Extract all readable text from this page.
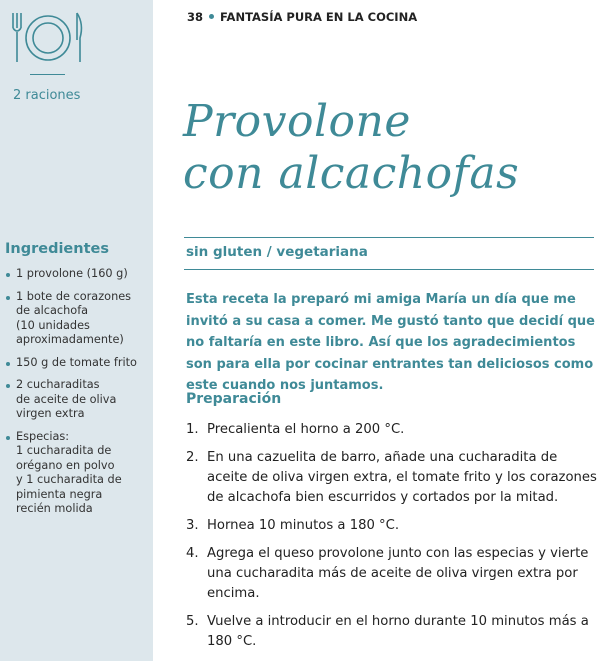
2 raciones
Ingredientes
1 provolone (160 g)
1 bote de corazones
de alcachofa
(10 unidades
aproximadamente)
150 g de tomate frito
2 cucharaditas
de aceite de oliva
virgen extra
Especias:
1 cucharadita de
orégano en polvo
y 1 cucharadita de
pimienta negra
recién molida
38 FANTASÍA PURA EN LA COCINA
Provolone
con alcachofas
sin gluten / vegetariana
Esta receta la preparó mi amiga María un día que me invitó a su casa a comer. Me gustó tanto que decidí que no faltaría en este libro. Así que los agradecimientos son para ella por cocinar entrantes tan deliciosos como este cuando nos juntamos.
Preparación
1. Precalienta el horno a 200 °C.
2. En una cazuelita de barro, añade una cucharadita de aceite de oliva virgen extra, el tomate frito y los corazones de alcachofa bien escurridos y cortados por la mitad.
3. Hornea 10 minutos a 180 °C.
4. Agrega el queso provolone junto con las especias y vierte una cucharadita más de aceite de oliva virgen extra por encima.
5. Vuelve a introducir en el horno durante 10 minutos más a 180 °C.
